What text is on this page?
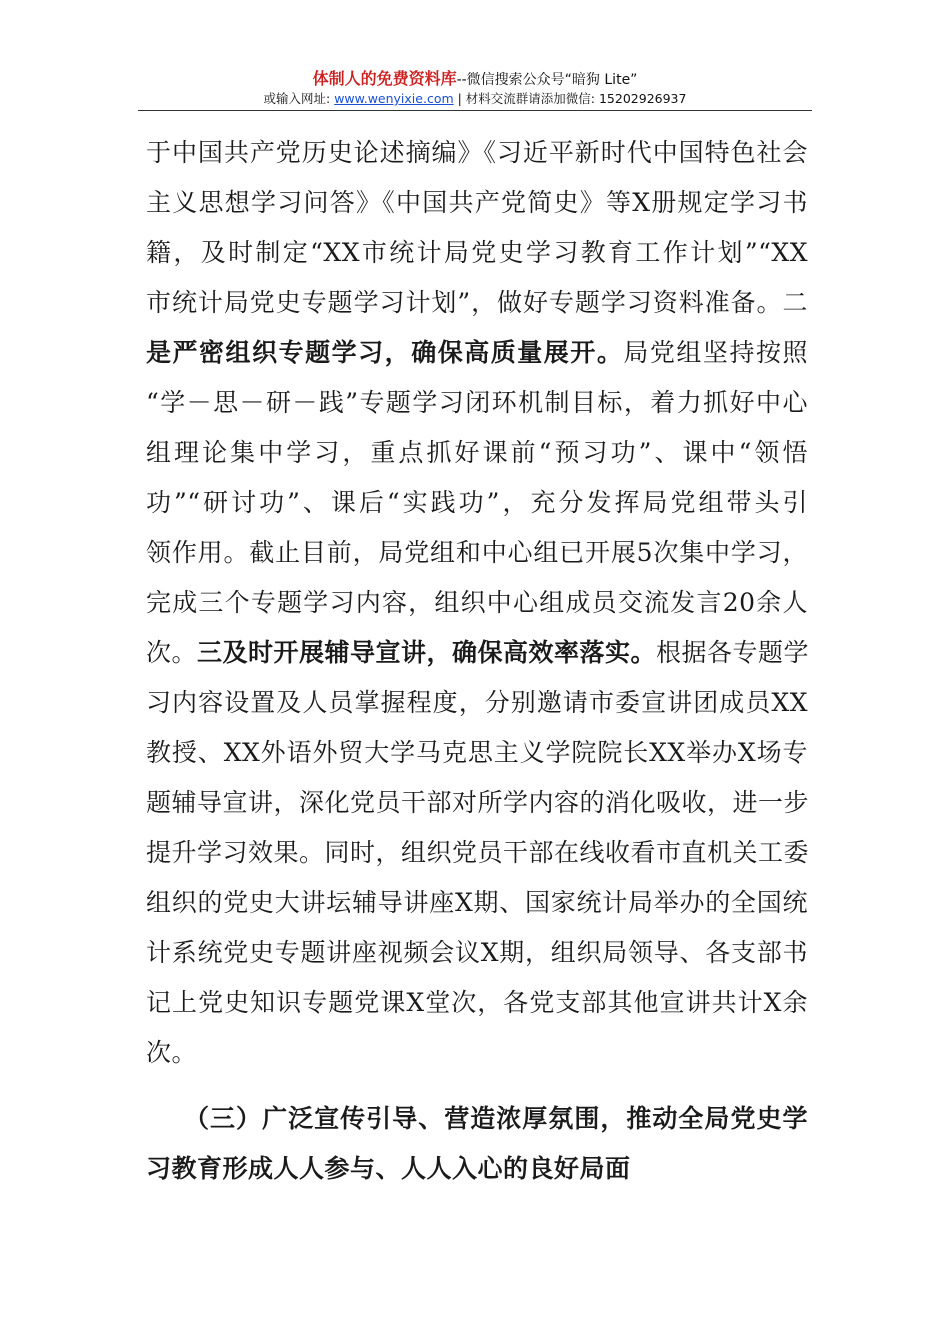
体制人的免费资料库--微信搜索公众号“暗狗 Lite”
或输入网址: www.wenyixie.com | 材料交流群请添加微信: 15202926937
于中国共产党历史论述摘编》《习近平新时代中国特色社会
主义思想学习问答》《中国共产党简史》等X册规定学习书
籍，及时制定“XX市统计局党史学习教育工作计划”“XX
市统计局党史专题学习计划”，做好专题学习资料准备。二
是严密组织专题学习，确保高质量展开。局党组坚持按照
“学－思－研－践”专题学习闭环机制目标，着力抓好中心
组理论集中学习，重点抓好课前“预习功”、课中“领悟
功”“研讨功”、课后“实践功”，充分发挥局党组带头引
领作用。截止目前，局党组和中心组已开展5次集中学习，
完成三个专题学习内容，组织中心组成员交流发言20余人
次。三及时开展辅导宣讲，确保高效率落实。根据各专题学
习内容设置及人员掌握程度，分别邀请市委宣讲团成员XX
教授、XX外语外贸大学马克思主义学院院长XX举办X场专
题辅导宣讲，深化党员干部对所学内容的消化吸收，进一步
提升学习效果。同时，组织党员干部在线收看市直机关工委
组织的党史大讲坛辅导讲座X期、国家统计局举办的全国统
计系统党史专题讲座视频会议X期，组织局领导、各支部书
记上党史知识专题党课X堂次，各党支部其他宣讲共计X余
次。
（三）广泛宣传引导、营造浓厚氛围，推动全局党史学
习教育形成人人参与、人人入心的良好局面
